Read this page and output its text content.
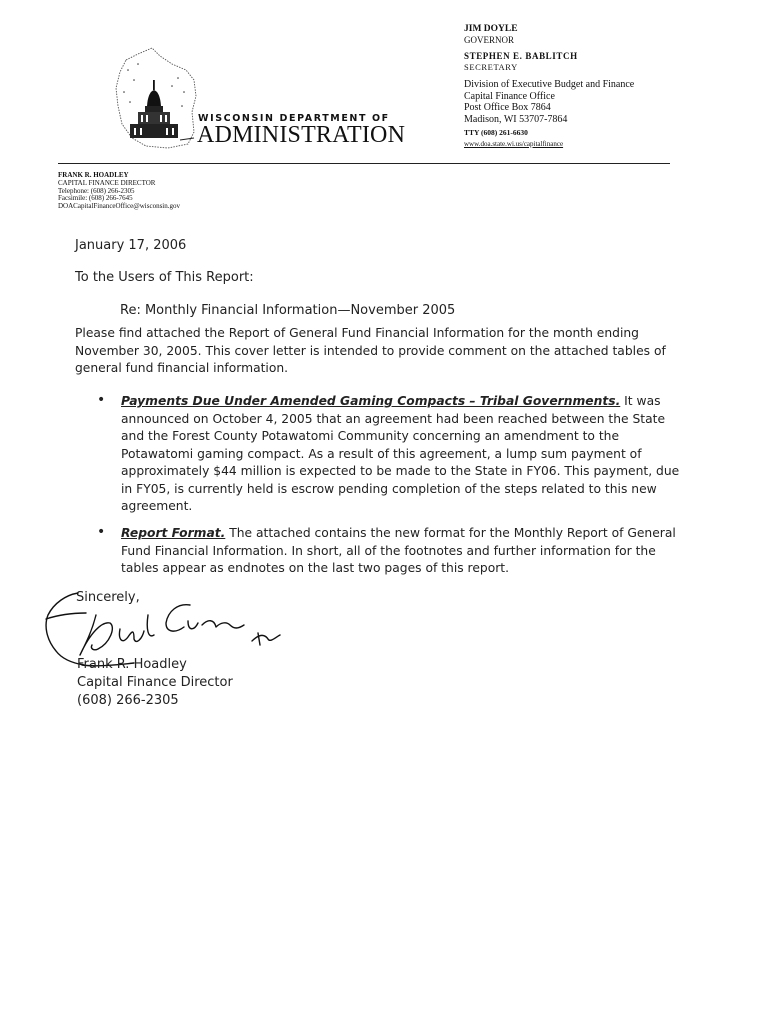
WISCONSIN DEPARTMENT OF
ADMINISTRATION
JIM DOYLE
GOVERNOR
STEPHEN E. BABLITCH
SECRETARY
Division of Executive Budget and Finance
Capital Finance Office
Post Office Box 7864
Madison, WI 53707-7864
TTY (608) 261-6630
www.doa.state.wi.us/capitalfinance
FRANK R. HOADLEY
CAPITAL FINANCE DIRECTOR
Telephone: (608) 266-2305
Facsimile: (608) 266-7645
DOACapitalFinanceOffice@wisconsin.gov
January 17, 2006
To the Users of This Report:
Re: Monthly Financial Information—November 2005
Please find attached the Report of General Fund Financial Information for the month ending November 30, 2005. This cover letter is intended to provide comment on the attached tables of general fund financial information.
• Payments Due Under Amended Gaming Compacts – Tribal Governments. It was announced on October 4, 2005 that an agreement had been reached between the State and the Forest County Potawatomi Community concerning an amendment to the Potawatomi gaming compact. As a result of this agreement, a lump sum payment of approximately $44 million is expected to be made to the State in FY06. This payment, due in FY05, is currently held is escrow pending completion of the steps related to this new agreement.
• Report Format. The attached contains the new format for the Monthly Report of General Fund Financial Information. In short, all of the footnotes and further information for the tables appear as endnotes on the last two pages of this report.
Sincerely,
Frank R. Hoadley
Capital Finance Director
(608) 266-2305
